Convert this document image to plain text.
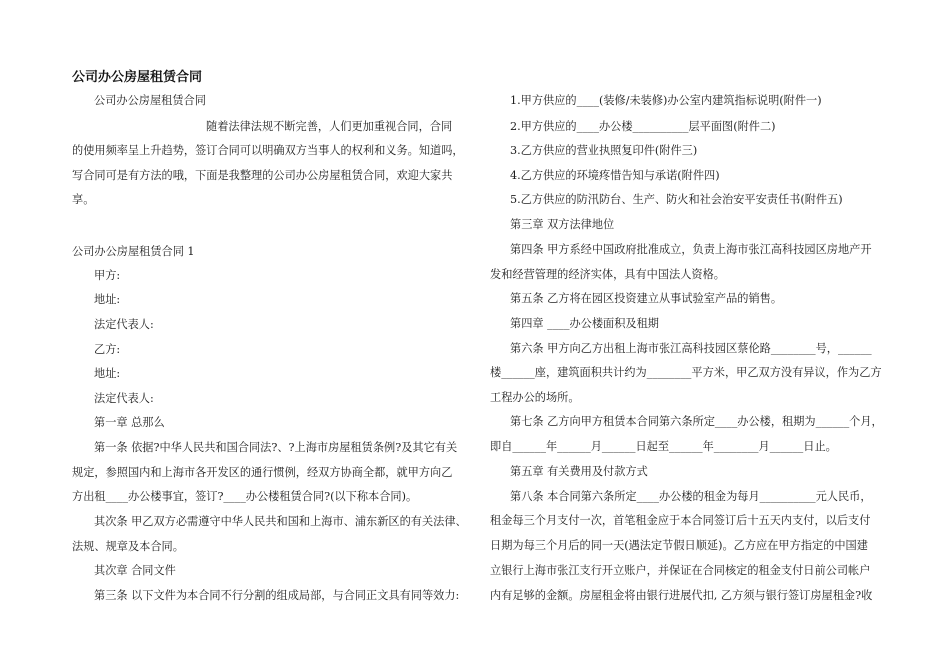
公司办公房屋租赁合同
公司办公房屋租赁合同
随着法律法规不断完善，人们更加重视合同，合同
的使用频率呈上升趋势，签订合同可以明确双方当事人的权利和义务。知道吗，
写合同可是有方法的哦，下面是我整理的公司办公房屋租赁合同，欢迎大家共
享。
公司办公房屋租赁合同 1
甲方:
地址:
法定代表人:
乙方:
地址:
法定代表人:
第一章 总那么
第一条 依据?中华人民共和国合同法?、?上海市房屋租赁条例?及其它有关
规定，参照国内和上海市各开发区的通行惯例，经双方协商全都，就甲方向乙
方出租____办公楼事宜，签订?____办公楼租赁合同?(以下称本合同)。
其次条 甲乙双方必需遵守中华人民共和国和上海市、浦东新区的有关法律、
法规、规章及本合同。
其次章 合同文件
第三条 以下文件为本合同不行分割的组成局部，与合同正文具有同等效力:
1.甲方供应的____(装修/未装修)办公室内建筑指标说明(附件一)
2.甲方供应的____办公楼__________层平面图(附件二)
3.乙方供应的营业执照复印件(附件三)
4.乙方供应的环境疼惜告知与承诺(附件四)
5.乙方供应的防汛防台、生产、防火和社会治安平安责任书(附件五)
第三章 双方法律地位
第四条 甲方系经中国政府批准成立，负责上海市张江高科技园区房地产开
发和经营管理的经济实体，具有中国法人资格。
第五条 乙方将在园区投资建立从事试验室产品的销售。
第四章 ____办公楼面积及租期
第六条 甲方向乙方出租上海市张江高科技园区蔡伦路________号，______
楼______座，建筑面积共计约为________平方米，甲乙双方没有异议，作为乙方
工程办公的场所。
第七条 乙方向甲方租赁本合同第六条所定____办公楼，租期为______个月，
即自______年______月______日起至______年________月______日止。
第五章 有关费用及付款方式
第八条 本合同第六条所定____办公楼的租金为每月__________元人民币，
租金每三个月支付一次，首笔租金应于本合同签订后十五天内支付，以后支付
日期为每三个月后的同一天(遇法定节假日顺延)。乙方应在甲方指定的中国建
立银行上海市张江支行开立账户，并保证在合同核定的租金支付日前公司帐户
内有足够的金额。房屋租金将由银行进展代扣, 乙方须与银行签订房屋租金?收
